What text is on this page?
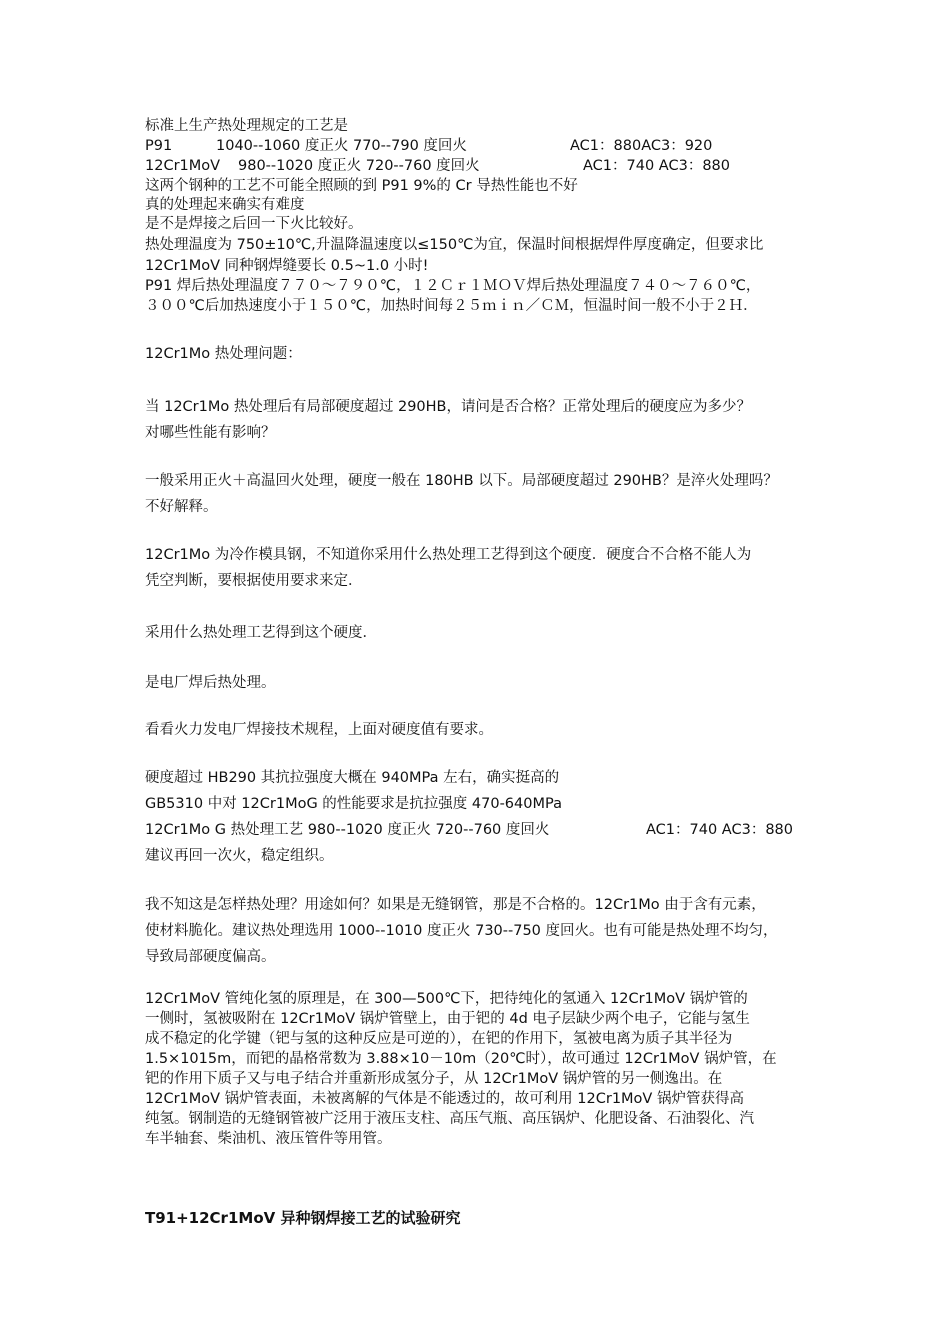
标准上生产热处理规定的工艺是
P91	1040--1060 度正火 770--790 度回火	AC1：880AC3：920
12Cr1MoV 980--1020 度正火 720--760 度回火	AC1：740 AC3：880
这两个钢种的工艺不可能全照顾的到 P91 9%的 Cr 导热性能也不好
真的处理起来确实有难度
是不是焊接之后回一下火比较好。
热处理温度为 750±10℃,升温降温速度以≤150℃为宜，保温时间根据焊件厚度确定，但要求比
12Cr1MoV 同种钢焊缝要长 0.5~1.0 小时!
P91 焊后热处理温度７７０～７９０℃，１２Ｃｒ１ＭＯＶ焊后热处理温度７４０～７６０℃，
３００℃后加热速度小于１５０℃，加热时间每２５ｍｉｎ／ＣＭ，恒温时间一般不小于２Ｈ．
12Cr1Mo 热处理问题：
当 12Cr1Mo 热处理后有局部硬度超过 290HB，请问是否合格？正常处理后的硬度应为多少？
对哪些性能有影响？
一般采用正火＋高温回火处理，硬度一般在 180HB 以下。局部硬度超过 290HB？是淬火处理吗？
不好解释。
12Cr1Mo 为冷作模具钢，不知道你采用什么热处理工艺得到这个硬度．硬度合不合格不能人为
凭空判断，要根据使用要求来定．
采用什么热处理工艺得到这个硬度．
是电厂焊后热处理。
看看火力发电厂焊接技术规程，上面对硬度值有要求。
硬度超过 HB290 其抗拉强度大概在 940MPa 左右，确实挺高的
GB5310 中对 12Cr1MoG 的性能要求是抗拉强度 470-640MPa
12Cr1Mo G 热处理工艺 980--1020 度正火 720--760 度回火	AC1：740 AC3：880
建议再回一次火，稳定组织。
我不知这是怎样热处理？用途如何？如果是无缝钢管，那是不合格的。12Cr1Mo 由于含有元素，
使材料脆化。建议热处理选用 1000--1010 度正火 730--750 度回火。也有可能是热处理不均匀，
导致局部硬度偏高。
12Cr1MoV 管纯化氢的原理是，在 300—500℃下，把待纯化的氢通入 12Cr1MoV 锅炉管的
一侧时，氢被吸附在 12Cr1MoV 锅炉管壁上，由于钯的 4d 电子层缺少两个电子，它能与氢生
成不稳定的化学键（钯与氢的这种反应是可逆的），在钯的作用下，氢被电离为质子其半径为
1.5×1015m，而钯的晶格常数为 3.88×10－10m（20℃时），故可通过 12Cr1MoV 锅炉管，在
钯的作用下质子又与电子结合并重新形成氢分子，从 12Cr1MoV 锅炉管的另一侧逸出。在
12Cr1MoV 锅炉管表面，未被离解的气体是不能透过的，故可利用 12Cr1MoV 锅炉管获得高
纯氢。钢制造的无缝钢管被广泛用于液压支柱、高压气瓶、高压锅炉、化肥设备、石油裂化、汽
车半轴套、柴油机、液压管件等用管。
T91+12Cr1MoV 异种钢焊接工艺的试验研究
